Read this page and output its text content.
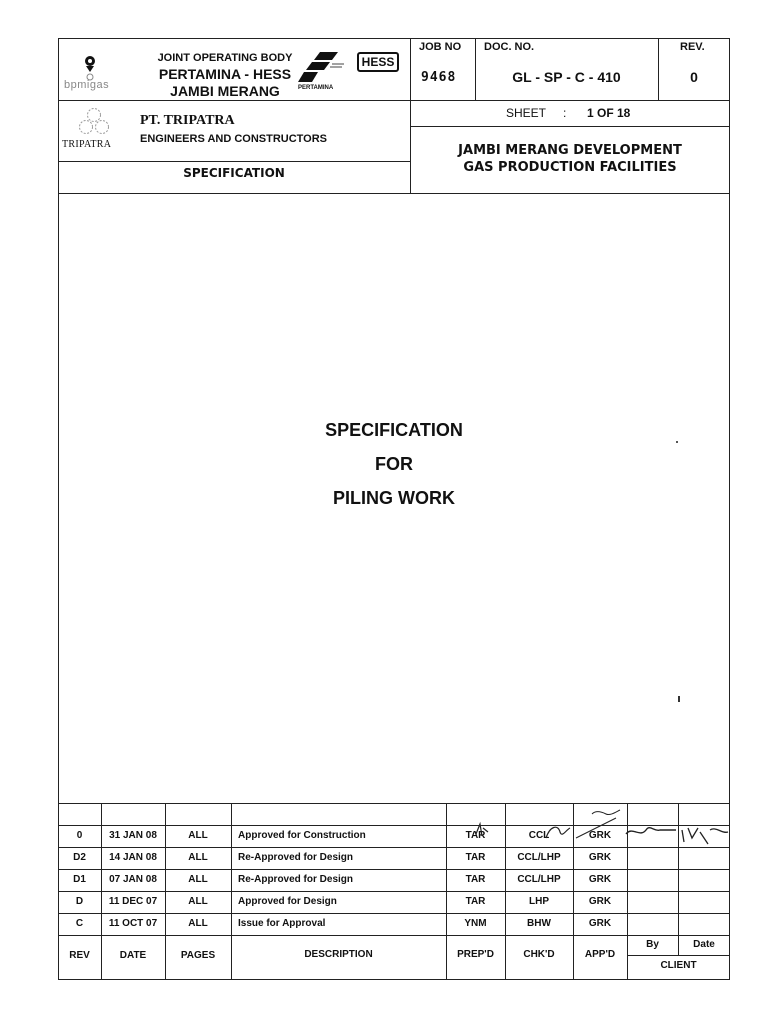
bpmigas
JOINT OPERATING BODY
PERTAMINA - HESS
JAMBI MERANG	PERTAMINA
HESS
TRIPATRA
PT. TRIPATRA
ENGINEERS AND CONSTRUCTORS
SPECIFICATION
JOB NO DOC. NO.	REV.
9468	GL - SP - C - 410	0
SHEET : 1 OF 18
JAMBI MERANG DEVELOPMENT
GAS PRODUCTION FACILITIES
SPECIFICATION
FOR
PILING WORK
0	31 JAN 08	ALL	Approved for Construction	TAR	CCL	GRK
D2	14 JAN 08	ALL	Re-Approved for Design	TAR	CCL/LHP	GRK
D1	07 JAN 08	ALL	Re-Approved for Design	TAR	CCL/LHP	GRK
D	11 DEC 07	ALL	Approved for Design	TAR	LHP	GRK
C	11 OCT 07	ALL	Issue for Approval	YNM	BHW	GRK
REV	DATE	PAGES	DESCRIPTION	PREP'D	CHK'D	APP'D
By	Date
CLIENT
